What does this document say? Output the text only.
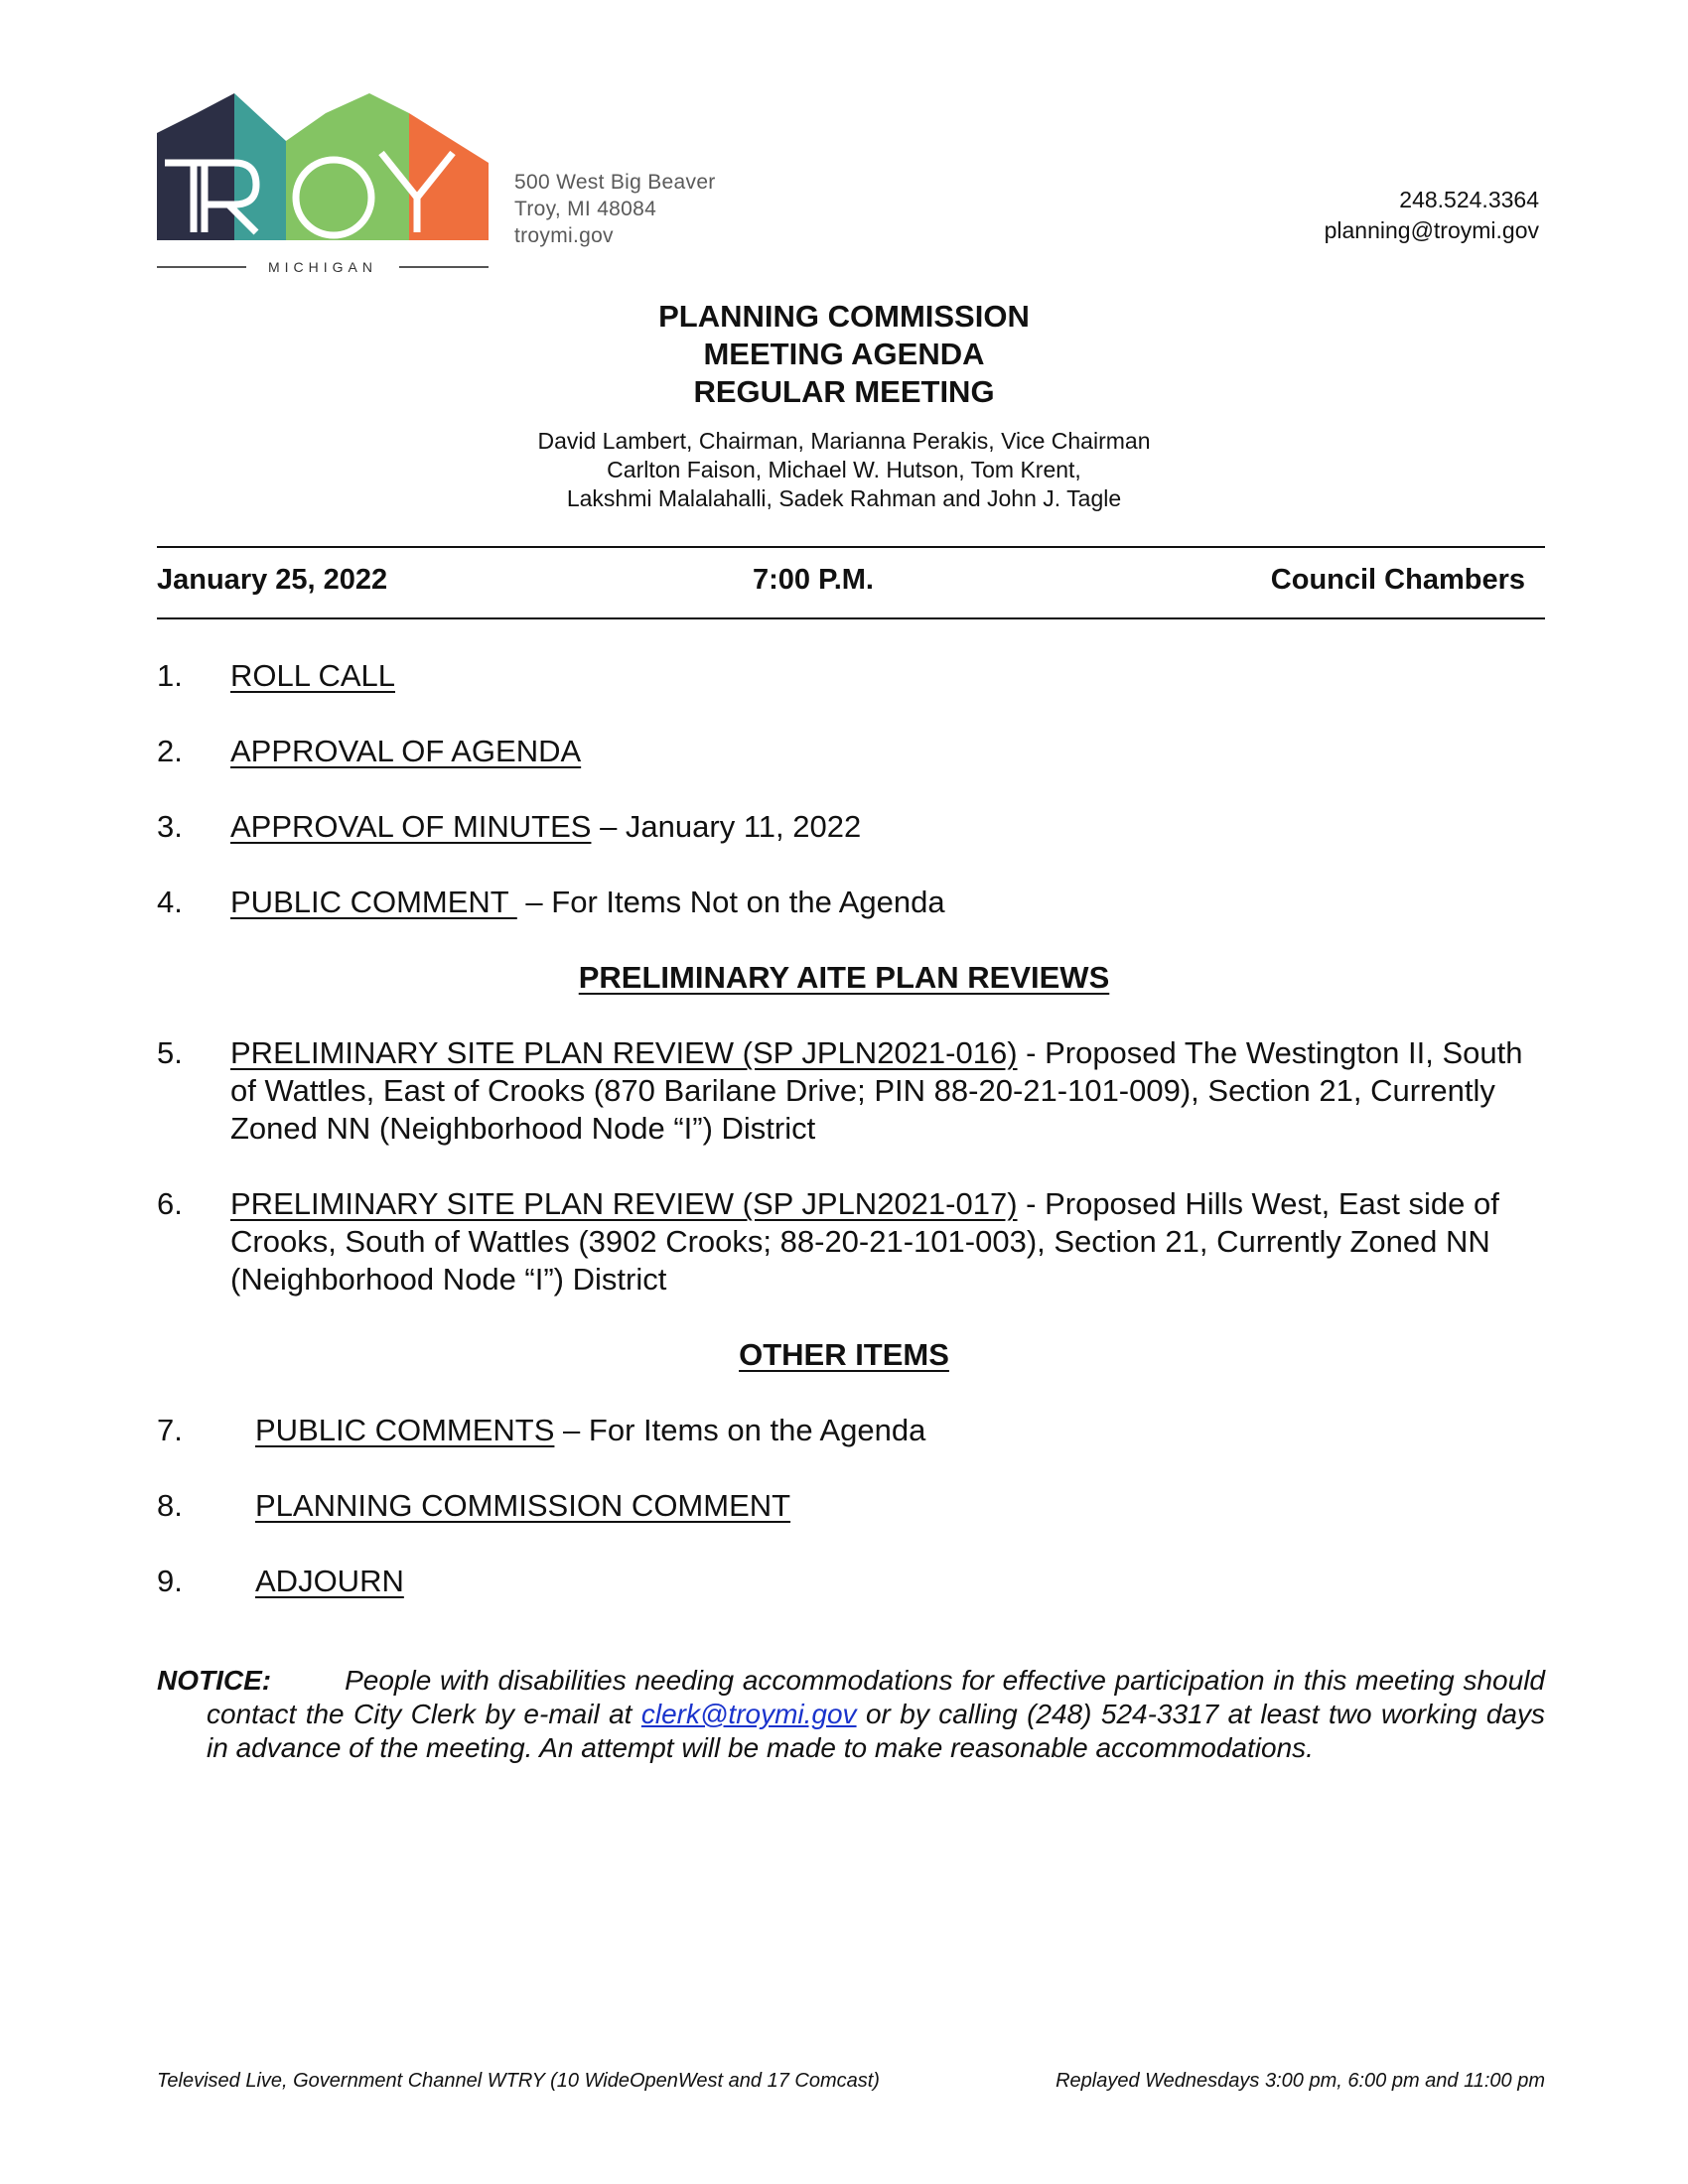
MICHIGAN
500 West Big Beaver
Troy, MI 48084
troymi.gov
248.524.3364
planning@troymi.gov
PLANNING COMMISSION
MEETING AGENDA
REGULAR MEETING
David Lambert, Chairman, Marianna Perakis, Vice Chairman
Carlton Faison, Michael W. Hutson, Tom Krent,
Lakshmi Malalahalli, Sadek Rahman and John J. Tagle
January 25, 2022	7:00 P.M.	Council Chambers
1. ROLL CALL
2. APPROVAL OF AGENDA
3. APPROVAL OF MINUTES – January 11, 2022
4. PUBLIC COMMENT  – For Items Not on the Agenda
PRELIMINARY AITE PLAN REVIEWS
5. PRELIMINARY SITE PLAN REVIEW (SP JPLN2021-016) - Proposed The Westington II, South of Wattles, East of Crooks (870 Barilane Drive; PIN 88-20-21-101-009), Section 21, Currently Zoned NN (Neighborhood Node “I”) District
6. PRELIMINARY SITE PLAN REVIEW (SP JPLN2021-017) - Proposed Hills West, East side of Crooks, South of Wattles (3902 Crooks; 88-20-21-101-003), Section 21, Currently Zoned NN (Neighborhood Node “I”) District
OTHER ITEMS
7. PUBLIC COMMENTS – For Items on the Agenda
8. PLANNING COMMISSION COMMENT
9. ADJOURN

NOTICE:	People with disabilities needing accommodations for effective participation in this meeting should contact the City Clerk by e-mail at clerk@troymi.gov or by calling (248) 524-3317 at least two working days in advance of the meeting. An attempt will be made to make reasonable accommodations.

Televised Live, Government Channel WTRY (10 WideOpenWest and 17 Comcast)	Replayed Wednesdays 3:00 pm, 6:00 pm and 11:00 pm
